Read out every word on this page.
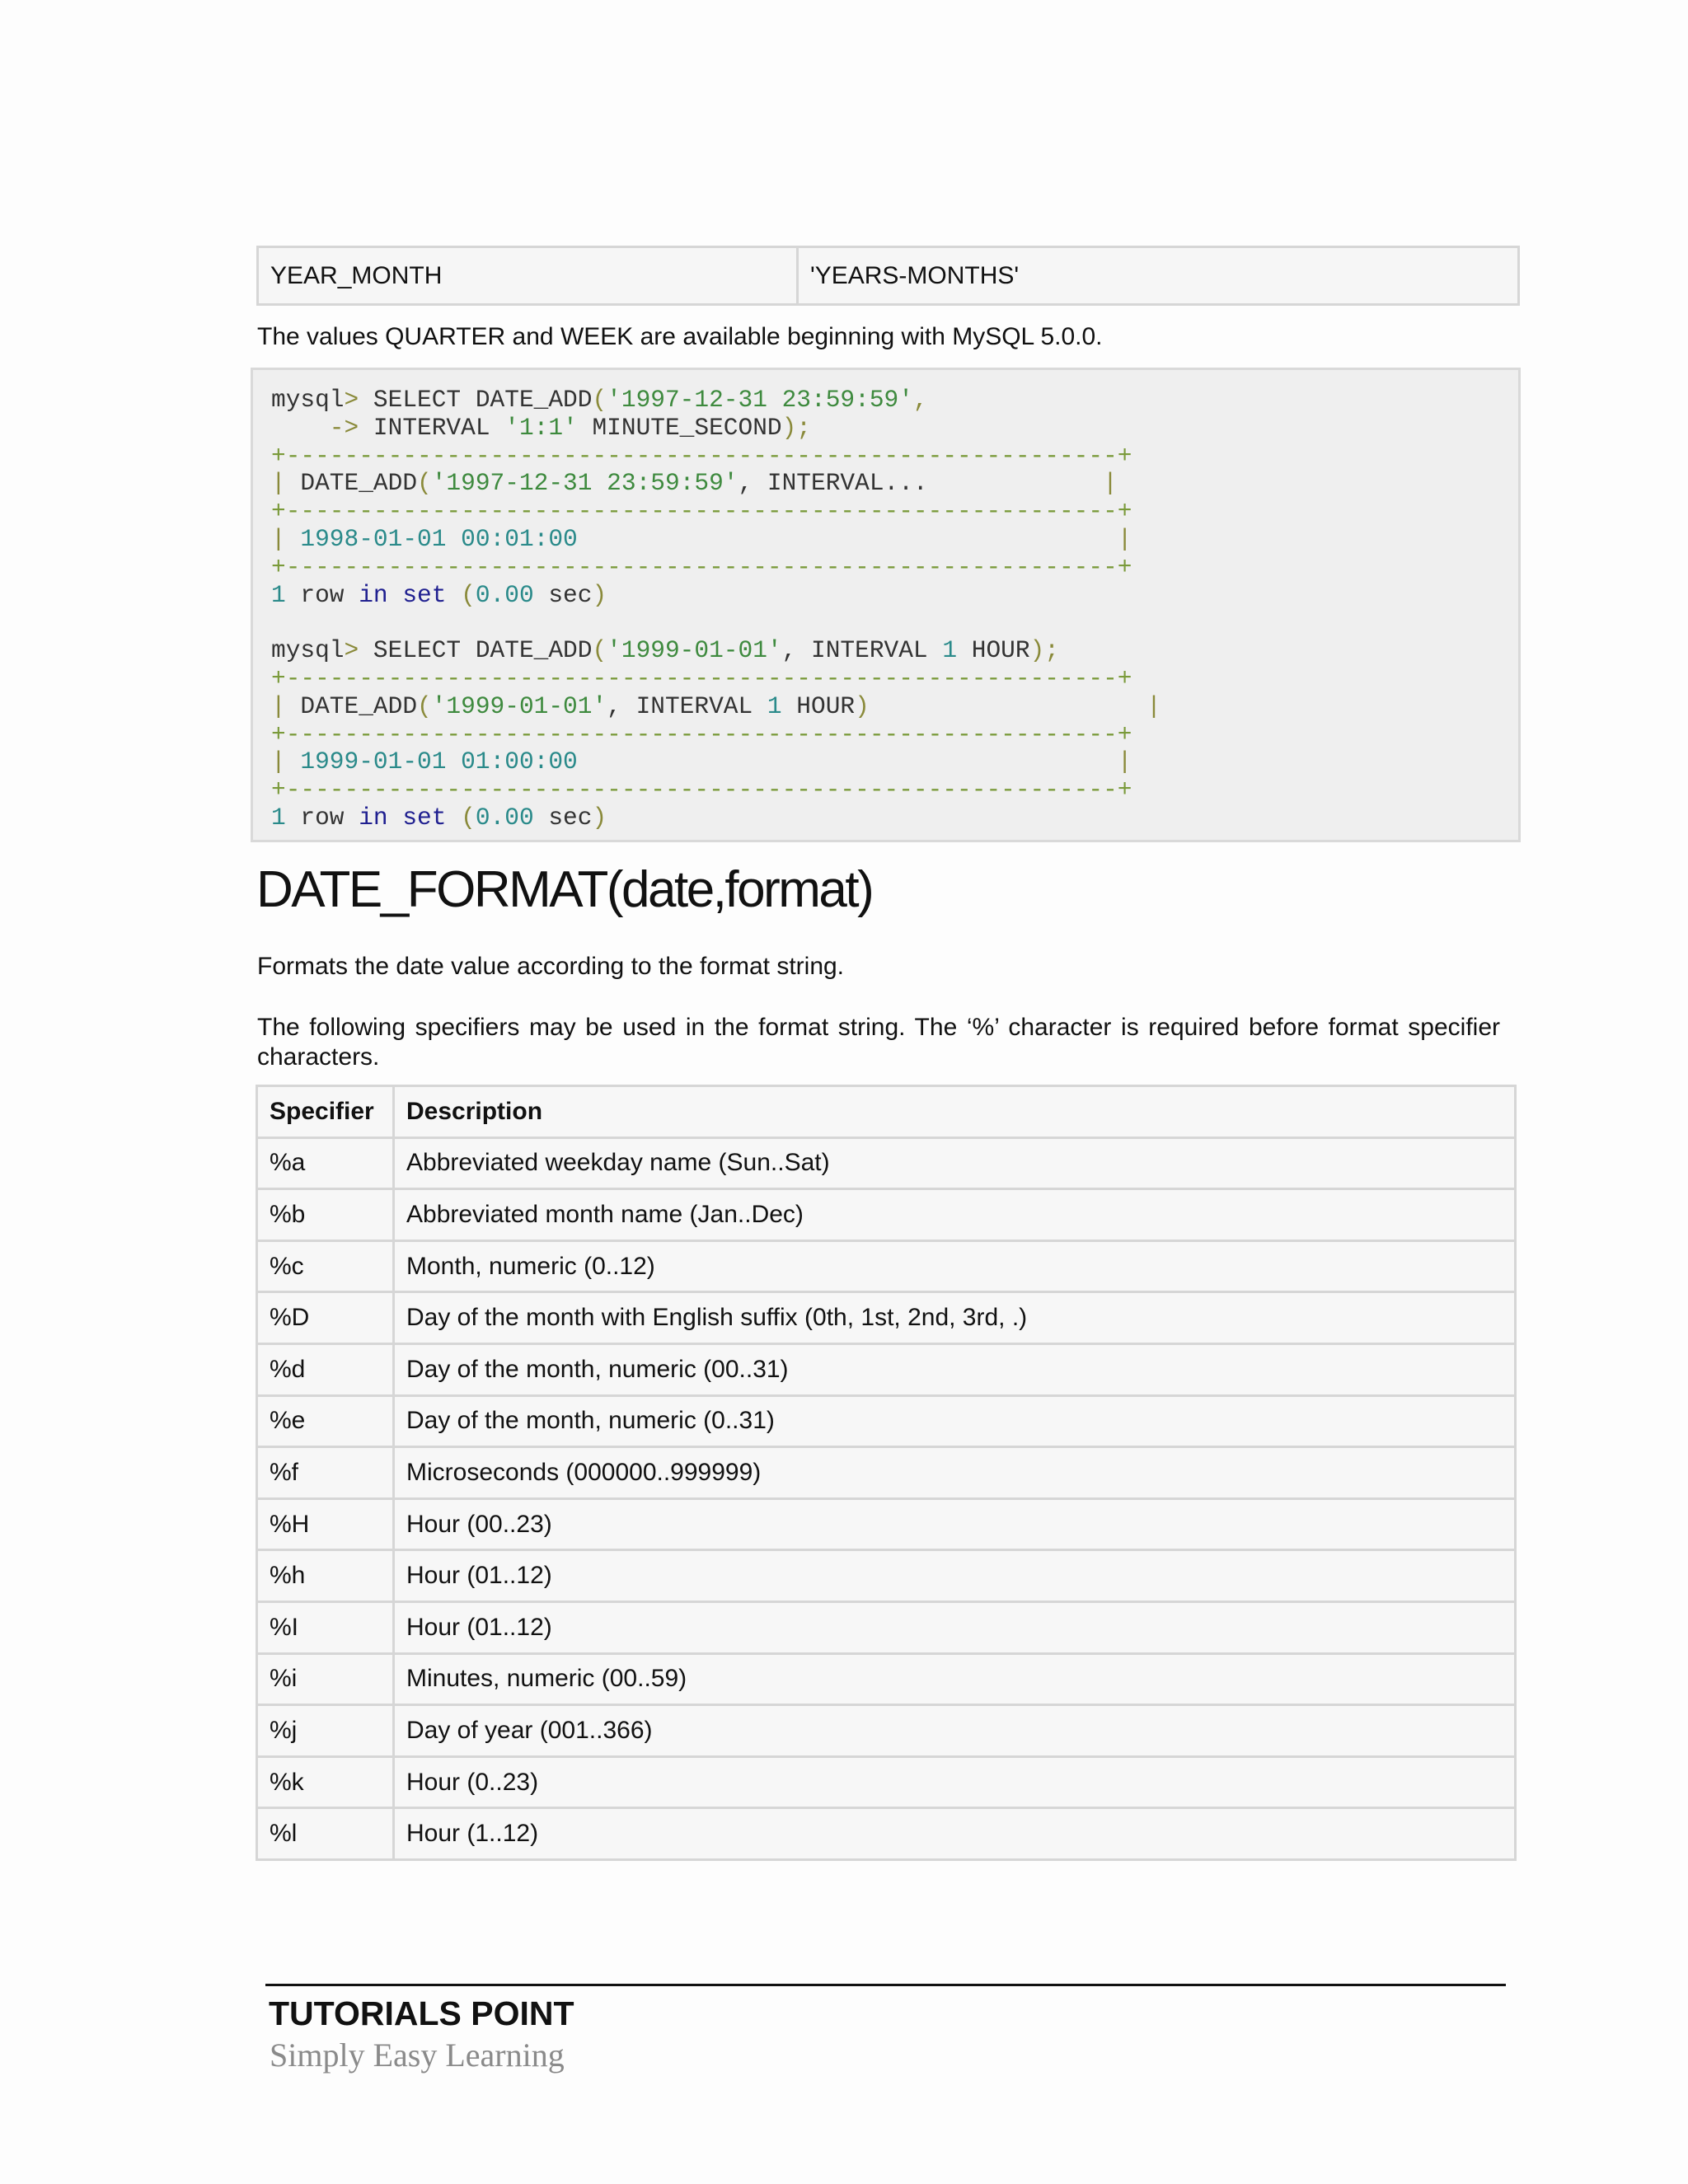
YEAR_MONTH	'YEARS-MONTHS'
The values QUARTER and WEEK are available beginning with MySQL 5.0.0.
mysql> SELECT DATE_ADD('1997-12-31 23:59:59',
-> INTERVAL '1:1' MINUTE_SECOND);
+---------------------------------------------------------+
| DATE_ADD('1997-12-31 23:59:59', INTERVAL...            |
+---------------------------------------------------------+
| 1998-01-01 00:01:00                                     |
+---------------------------------------------------------+
1 row in set (0.00 sec)

mysql> SELECT DATE_ADD('1999-01-01', INTERVAL 1 HOUR);
+---------------------------------------------------------+
| DATE_ADD('1999-01-01', INTERVAL 1 HOUR)                   |
+---------------------------------------------------------+
| 1999-01-01 01:00:00                                     |
+---------------------------------------------------------+
1 row in set (0.00 sec)
DATE_FORMAT(date,format)
Formats the date value according to the format string.
The following specifiers may be used in the format string. The ‘%’ character is required before format specifier characters.
Specifier	Description
%a	Abbreviated weekday name (Sun..Sat)
%b	Abbreviated month name (Jan..Dec)
%c	Month, numeric (0..12)
%D	Day of the month with English suffix (0th, 1st, 2nd, 3rd, .)
%d	Day of the month, numeric (00..31)
%e	Day of the month, numeric (0..31)
%f	Microseconds (000000..999999)
%H	Hour (00..23)
%h	Hour (01..12)
%I	Hour (01..12)
%i	Minutes, numeric (00..59)
%j	Day of year (001..366)
%k	Hour (0..23)
%l	Hour (1..12)
TUTORIALS POINT
Simply Easy Learning
